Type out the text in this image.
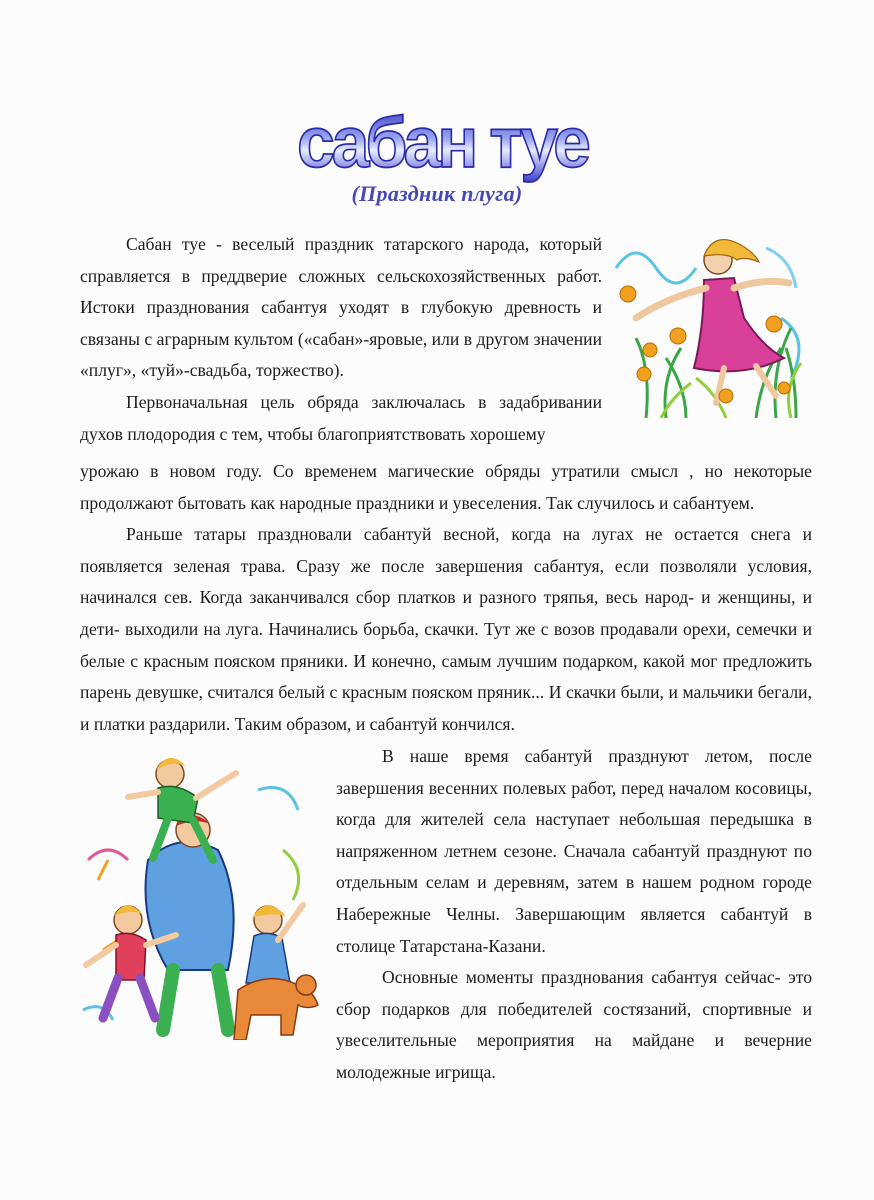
сабан туе
(Праздник плуга)

Сабан туе - веселый праздник татарского народа, который справляется в преддверие сложных сельскохозяйственных работ. Истоки празднования сабантуя уходят в глубокую древность и связаны с аграрным культом («сабан»-яровые, или в другом значении «плуг», «туй»-свадьба, торжество).

Первоначальная цель обряда заключалась в задабривании духов плодородия с тем, чтобы благоприятствовать хорошему

урожаю в новом году. Со временем магические обряды утратили смысл , но некоторые продолжают бытовать как народные праздники и увеселения. Так случилось и сабантуем.

Раньше татары праздновали сабантуй весной, когда на лугах не остается снега и появляется зеленая трава. Сразу же после завершения сабантуя, если позволяли условия, начинался сев. Когда заканчивался сбор платков и разного тряпья, весь народ- и женщины, и дети- выходили на луга. Начинались борьба, скачки. Тут же с возов продавали орехи, семечки и белые с красным пояском пряники. И конечно, самым лучшим подарком, какой мог предложить парень девушке, считался белый с красным пояском пряник... И скачки были, и мальчики бегали, и платки раздарили. Таким образом, и сабантуй кончился.

В наше время сабантуй празднуют летом, после завершения весенних полевых работ, перед началом косовицы, когда для жителей села наступает небольшая передышка в напряженном летнем сезоне. Сначала сабантуй празднуют по отдельным селам и деревням, затем в нашем родном городе Набережные Челны. Завершающим является сабантуй в столице Татарстана-Казани.

Основные моменты празднования сабантуя сейчас- это сбор подарков для победителей состязаний, спортивные и увеселительные мероприятия на майдане и вечерние молодежные игрища.
